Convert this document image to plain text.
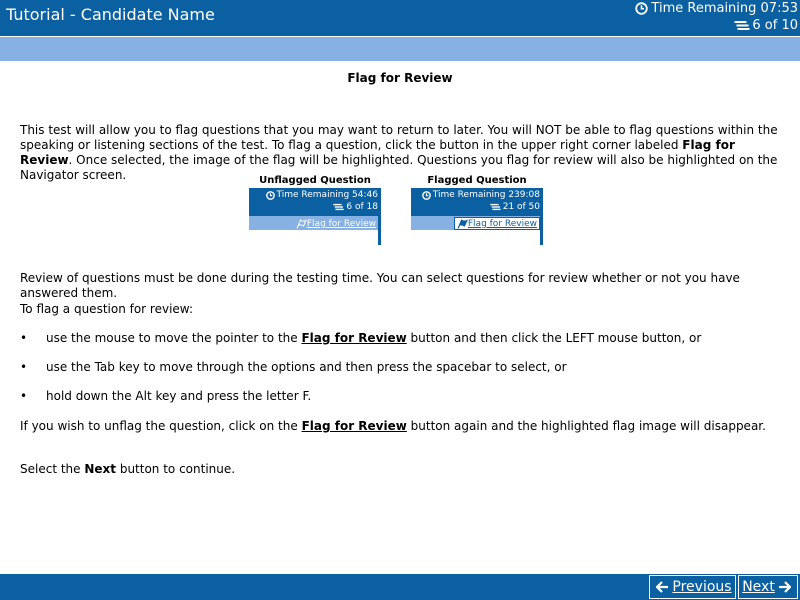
Tutorial - Candidate Name	Time Remaining 07:53
6 of 10
Flag for Review
This test will allow you to flag questions that you may want to return to later. You will NOT be able to flag questions within the speaking or listening sections of the test. To flag a question, click the button in the upper right corner labeled Flag for Review. Once selected, the image of the flag will be highlighted. Questions you flag for review will also be highlighted on the Navigator screen.	Unflagged Question
Time Remaining 54:46
6 of 18
Flag for Review
Flagged Question
Time Remaining 239:08
21 of 50
Flag for Review
Review of questions must be done during the testing time. You can select questions for review whether or not you have answered them.
To flag a question for review:
• use the mouse to move the pointer to the Flag for Review button and then click the LEFT mouse button, or
• use the Tab key to move through the options and then press the spacebar to select, or
• hold down the Alt key and press the letter F.
If you wish to unflag the question, click on the Flag for Review button again and the highlighted flag image will disappear.
Select the Next button to continue.
Previous Next
